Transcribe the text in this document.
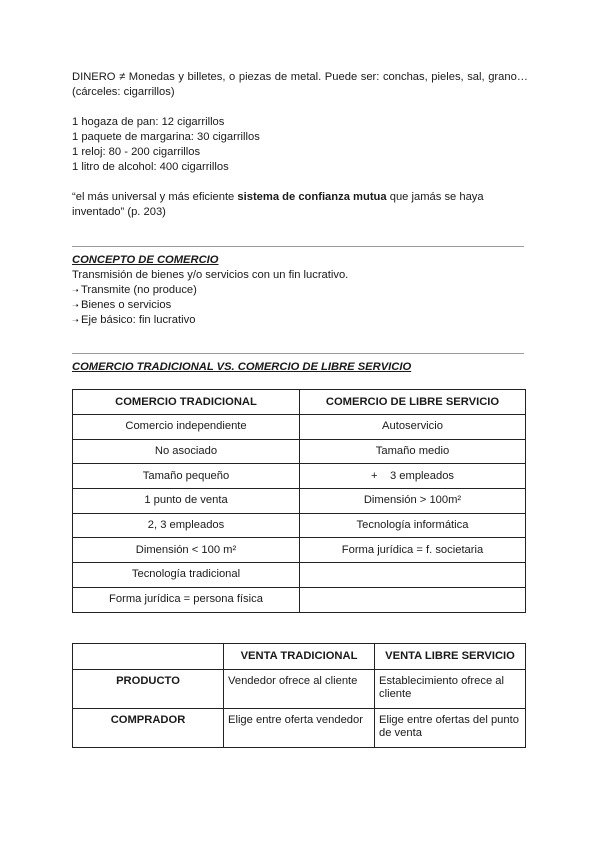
DINERO ≠ Monedas y billetes, o piezas de metal. Puede ser: conchas, pieles, sal, grano… (cárceles: cigarrillos)

1 hogaza de pan: 12 cigarrillos

1 paquete de margarina: 30 cigarrillos

1 reloj: 80 - 200 cigarrillos

1 litro de alcohol: 400 cigarrillos

“el más universal y más eficiente sistema de confianza mutua que jamás se haya inventado” (p. 203)

CONCEPTO DE COMERCIO

Transmisión de bienes y/o servicios con un fin lucrativo.

➝ Transmite (no produce)

➝ Bienes o servicios

➝ Eje básico: fin lucrativo

COMERCIO TRADICIONAL VS. COMERCIO DE LIBRE SERVICIO

COMERCIO TRADICIONAL	COMERCIO DE LIBRE SERVICIO
Comercio independiente	Autoservicio
No asociado	Tamaño medio
Tamaño pequeño	+    3 empleados
1 punto de venta	Dimensión > 100m²
2, 3 empleados	Tecnología informática
Dimensión < 100 m²	Forma jurídica = f. societaria
Tecnología tradicional	
Forma jurídica = persona física	
	VENTA TRADICIONAL	VENTA LIBRE SERVICIO
PRODUCTO	Vendedor ofrece al cliente	Establecimiento ofrece al cliente
COMPRADOR	Elige entre oferta vendedor	Elige entre ofertas del punto de venta
